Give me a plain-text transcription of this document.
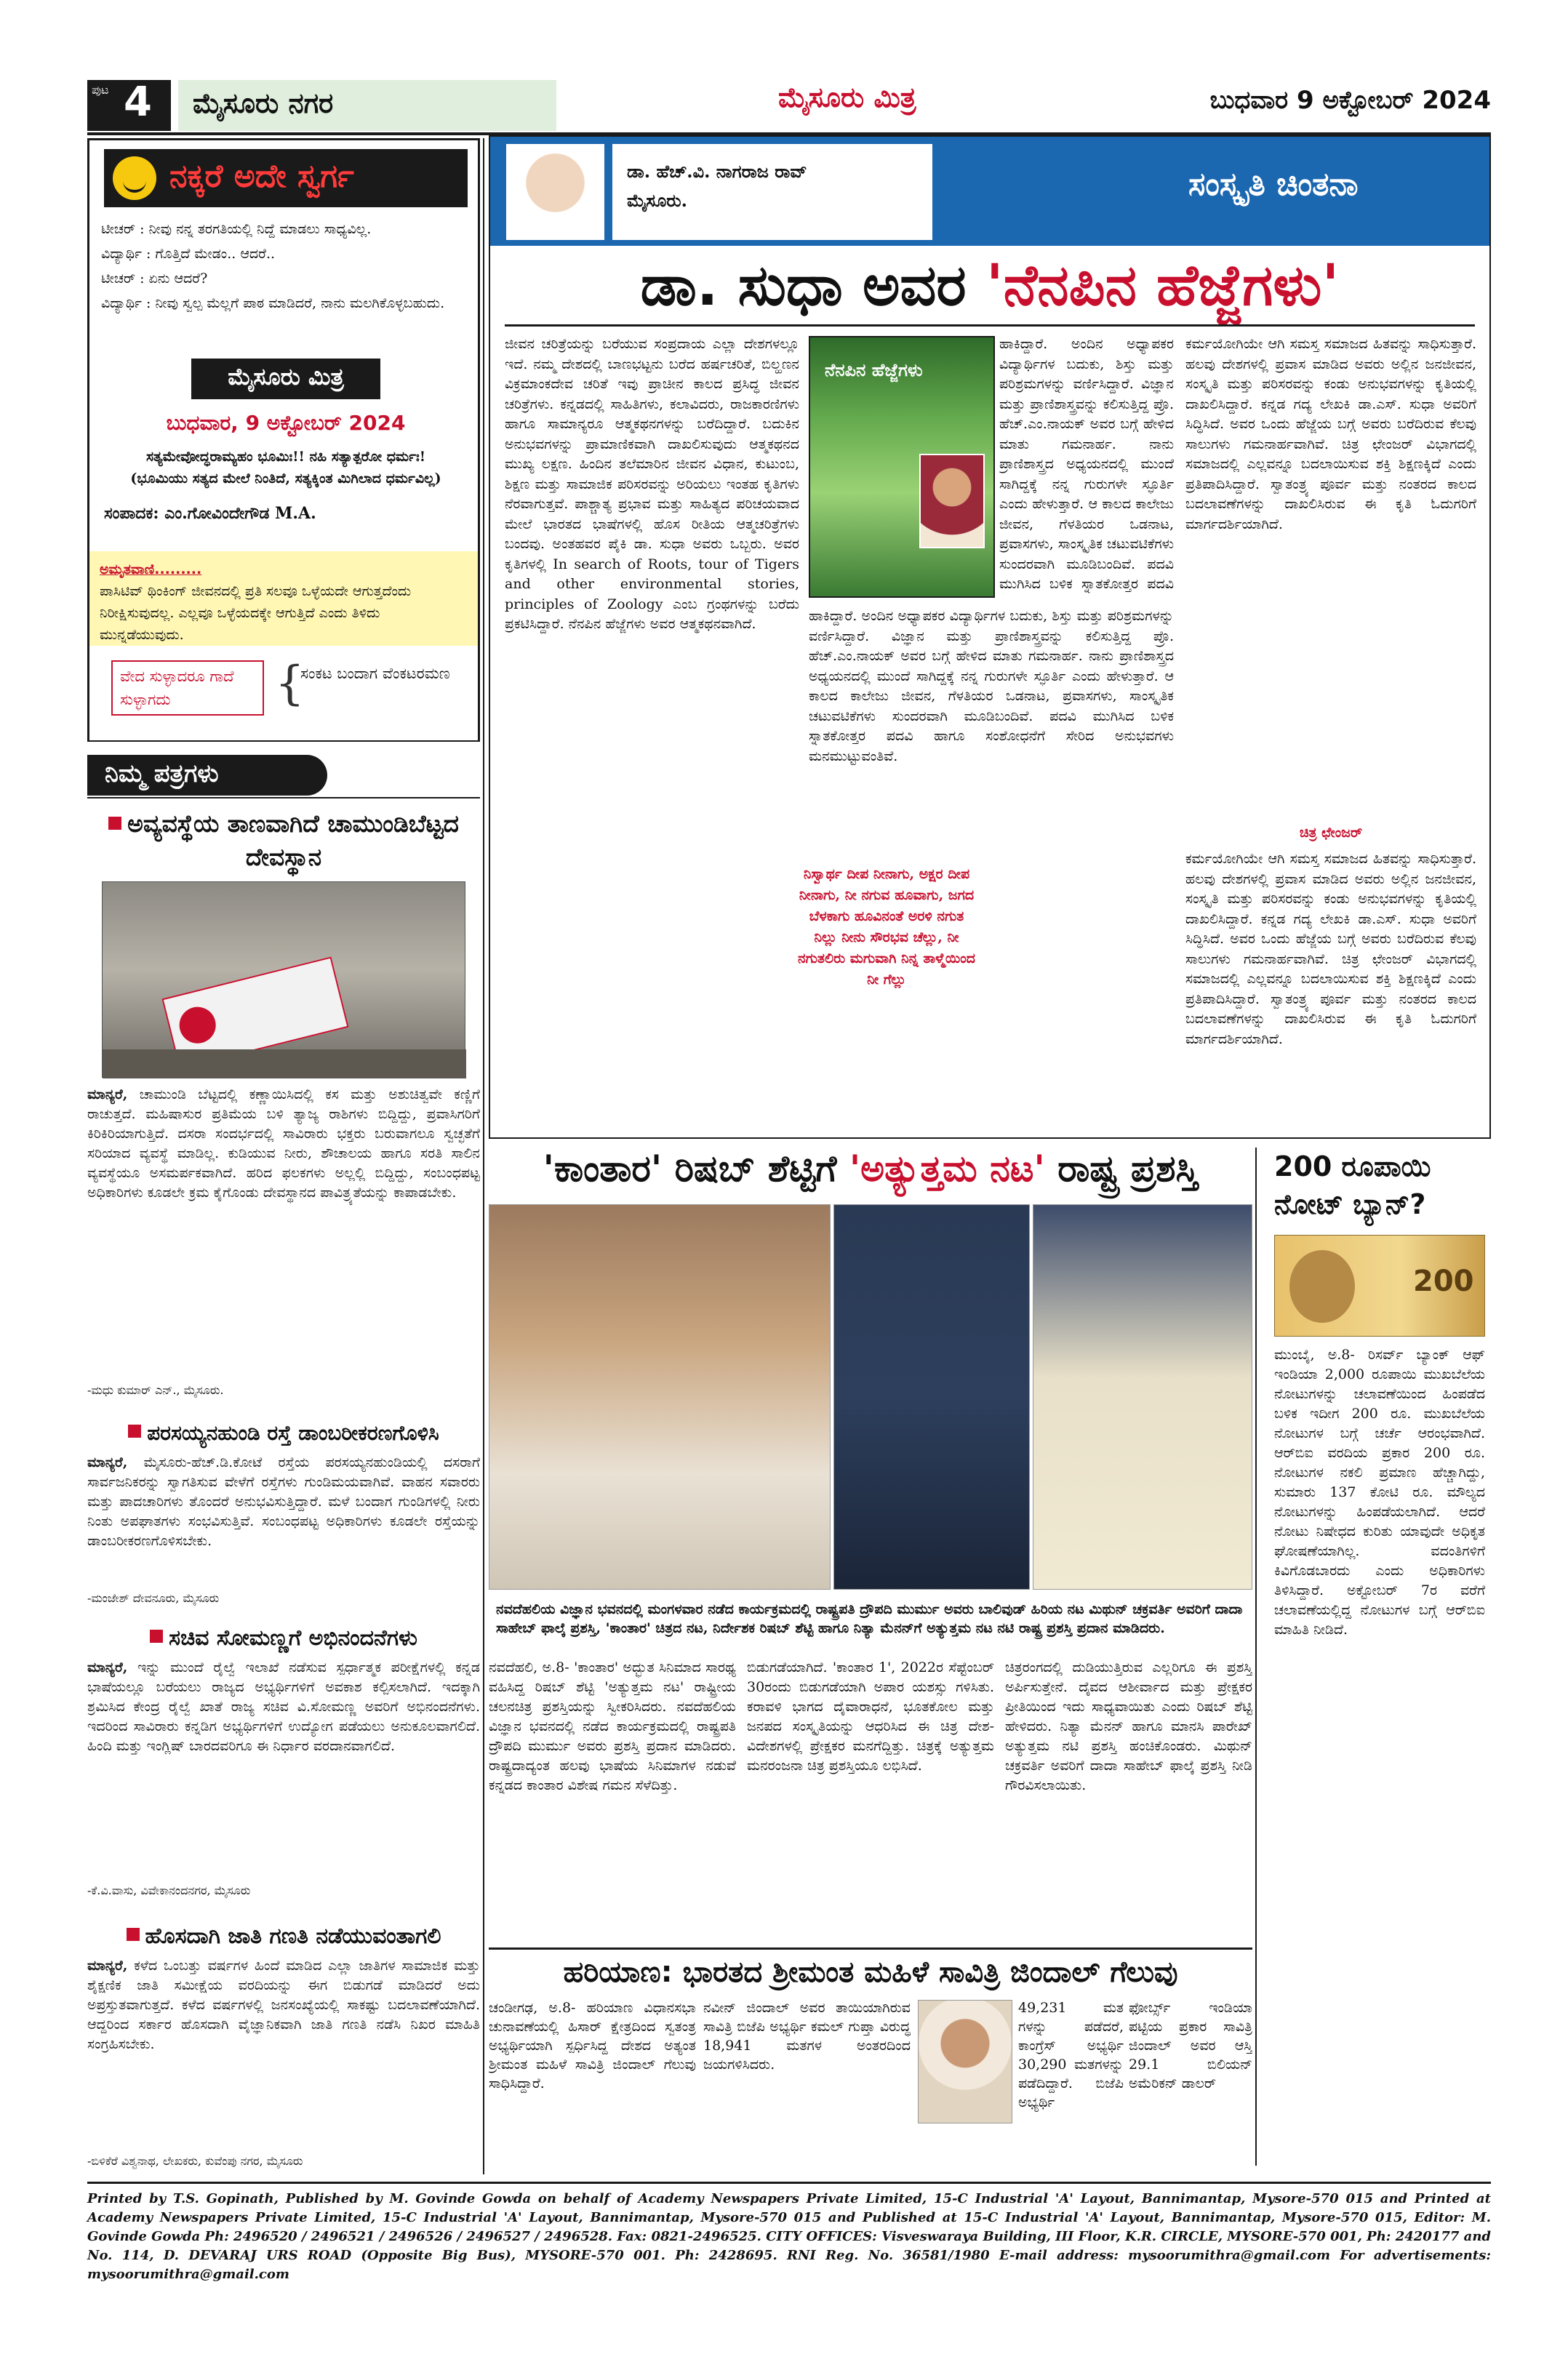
ಪುಟ 4	ಮೈಸೂರು ನಗರ	ಮೈಸೂರು ಮಿತ್ರ	ಬುಧವಾರ 9 ಅಕ್ಟೋಬರ್ 2024
ನಕ್ಕರೆ ಅದೇ ಸ್ವರ್ಗ
ಟೀಚರ್ : ನೀವು ನನ್ನ ತರಗತಿಯಲ್ಲಿ ನಿದ್ದೆ ಮಾಡಲು ಸಾಧ್ಯವಿಲ್ಲ.
ವಿದ್ಯಾರ್ಥಿ : ಗೊತ್ತಿದೆ ಮೇಡಂ.. ಆದರೆ..
ಟೀಚರ್ : ಏನು ಆದರೆ?
ವಿದ್ಯಾರ್ಥಿ : ನೀವು ಸ್ವಲ್ಪ ಮೆಲ್ಲಗೆ ಪಾಠ ಮಾಡಿದರೆ, ನಾನು ಮಲಗಿಕೊಳ್ಳಬಹುದು.
ಮೈಸೂರು ಮಿತ್ರ
ಬುಧವಾರ, 9 ಅಕ್ಟೋಬರ್ 2024
ಸತ್ಯಮೇವೋದ್ಧರಾಮ್ಯಹಂ ಭೂಮಿಃ!! ನಹಿ ಸತ್ಯಾತ್ಪರೋ ಧರ್ಮಃ!
(ಭೂಮಿಯು ಸತ್ಯದ ಮೇಲೆ ನಿಂತಿದೆ, ಸತ್ಯಕ್ಕಿಂತ ಮಿಗಿಲಾದ ಧರ್ಮವಿಲ್ಲ)
ಸಂಪಾದಕ: ಎಂ.ಗೋವಿಂದೇಗೌಡ M.A.
ಅಮೃತವಾಣಿ.........
ಪಾಸಿಟಿವ್ ಥಿಂಕಿಂಗ್ ಜೀವನದಲ್ಲಿ ಪ್ರತಿ ಸಲವೂ ಒಳ್ಳೆಯದೇ ಆಗುತ್ತದೆಂದು ನಿರೀಕ್ಷಿಸುವುದಲ್ಲ. ಎಲ್ಲವೂ ಒಳ್ಳೆಯದಕ್ಕೇ ಆಗುತ್ತಿದೆ ಎಂದು ತಿಳಿದು ಮುನ್ನಡೆಯುವುದು.
ವೇದ ಸುಳ್ಳಾದರೂ ಗಾದೆ ಸುಳ್ಳಾಗದು	{
ಸಂಕಟ ಬಂದಾಗ ವೆಂಕಟರಮಣ
ನಿಮ್ಮ ಪತ್ರಗಳು
ಅವ್ಯವಸ್ಥೆಯ ತಾಣವಾಗಿದೆ ಚಾಮುಂಡಿಬೆಟ್ಟದ ದೇವಸ್ಥಾನ
ಮಾನ್ಯರೆ, ಚಾಮುಂಡಿ ಬೆಟ್ಟದಲ್ಲಿ ಕಣ್ಣಾಯಿಸಿದಲ್ಲಿ ಕಸ ಮತ್ತು ಅಶುಚಿತ್ವವೇ ಕಣ್ಣಿಗೆ ರಾಚುತ್ತದೆ. ಮಹಿಷಾಸುರ ಪ್ರತಿಮೆಯ ಬಳಿ ತ್ಯಾಜ್ಯ ರಾಶಿಗಳು ಬಿದ್ದಿದ್ದು, ಪ್ರವಾಸಿಗರಿಗೆ ಕಿರಿಕಿರಿಯಾಗುತ್ತಿದೆ. ದಸರಾ ಸಂದರ್ಭದಲ್ಲಿ ಸಾವಿರಾರು ಭಕ್ತರು ಬರುವಾಗಲೂ ಸ್ವಚ್ಛತೆಗೆ ಸರಿಯಾದ ವ್ಯವಸ್ಥೆ ಮಾಡಿಲ್ಲ. ಕುಡಿಯುವ ನೀರು, ಶೌಚಾಲಯ ಹಾಗೂ ಸರತಿ ಸಾಲಿನ ವ್ಯವಸ್ಥೆಯೂ ಅಸಮರ್ಪಕವಾಗಿದೆ. ಹರಿದ ಫಲಕಗಳು ಅಲ್ಲಲ್ಲಿ ಬಿದ್ದಿದ್ದು, ಸಂಬಂಧಪಟ್ಟ ಅಧಿಕಾರಿಗಳು ಕೂಡಲೇ ಕ್ರಮ ಕೈಗೊಂಡು ದೇವಸ್ಥಾನದ ಪಾವಿತ್ರ್ಯತೆಯನ್ನು ಕಾಪಾಡಬೇಕು.
-ಮಧು ಕುಮಾರ್ ಎನ್., ಮೈಸೂರು.
ಪರಸಯ್ಯನಹುಂಡಿ ರಸ್ತೆ ಡಾಂಬರೀಕರಣಗೊಳಿಸಿ
ಮಾನ್ಯರೆ, ಮೈಸೂರು-ಹೆಚ್.ಡಿ.ಕೋಟೆ ರಸ್ತೆಯ ಪರಸಯ್ಯನಹುಂಡಿಯಲ್ಲಿ ದಸರಾಗೆ ಸಾರ್ವಜನಿಕರನ್ನು ಸ್ವಾಗತಿಸುವ ವೇಳೆಗೆ ರಸ್ತೆಗಳು ಗುಂಡಿಮಯವಾಗಿವೆ. ವಾಹನ ಸವಾರರು ಮತ್ತು ಪಾದಚಾರಿಗಳು ತೊಂದರೆ ಅನುಭವಿಸುತ್ತಿದ್ದಾರೆ. ಮಳೆ ಬಂದಾಗ ಗುಂಡಿಗಳಲ್ಲಿ ನೀರು ನಿಂತು ಅಪಘಾತಗಳು ಸಂಭವಿಸುತ್ತಿವೆ. ಸಂಬಂಧಪಟ್ಟ ಅಧಿಕಾರಿಗಳು ಕೂಡಲೇ ರಸ್ತೆಯನ್ನು ಡಾಂಬರೀಕರಣಗೊಳಿಸಬೇಕು.
-ಮಂಜೇಶ್ ದೇವನೂರು, ಮೈಸೂರು
ಸಚಿವ ಸೋಮಣ್ಣಗೆ ಅಭಿನಂದನೆಗಳು
ಮಾನ್ಯರೆ, ಇನ್ನು ಮುಂದೆ ರೈಲ್ವೆ ಇಲಾಖೆ ನಡೆಸುವ ಸ್ಪರ್ಧಾತ್ಮಕ ಪರೀಕ್ಷೆಗಳಲ್ಲಿ ಕನ್ನಡ ಭಾಷೆಯಲ್ಲೂ ಬರೆಯಲು ರಾಜ್ಯದ ಅಭ್ಯರ್ಥಿಗಳಿಗೆ ಅವಕಾಶ ಕಲ್ಪಿಸಲಾಗಿದೆ. ಇದಕ್ಕಾಗಿ ಶ್ರಮಿಸಿದ ಕೇಂದ್ರ ರೈಲ್ವೆ ಖಾತೆ ರಾಜ್ಯ ಸಚಿವ ವಿ.ಸೋಮಣ್ಣ ಅವರಿಗೆ ಅಭಿನಂದನೆಗಳು. ಇದರಿಂದ ಸಾವಿರಾರು ಕನ್ನಡಿಗ ಅಭ್ಯರ್ಥಿಗಳಿಗೆ ಉದ್ಯೋಗ ಪಡೆಯಲು ಅನುಕೂಲವಾಗಲಿದೆ. ಹಿಂದಿ ಮತ್ತು ಇಂಗ್ಲಿಷ್ ಬಾರದವರಿಗೂ ಈ ನಿರ್ಧಾರ ವರದಾನವಾಗಲಿದೆ.
-ಕೆ.ವಿ.ವಾಸು, ವಿವೇಕಾನಂದನಗರ, ಮೈಸೂರು
ಹೊಸದಾಗಿ ಜಾತಿ ಗಣತಿ ನಡೆಯುವಂತಾಗಲಿ
ಮಾನ್ಯರೆ, ಕಳೆದ ಒಂಬತ್ತು ವರ್ಷಗಳ ಹಿಂದೆ ಮಾಡಿದ ಎಲ್ಲಾ ಜಾತಿಗಳ ಸಾಮಾಜಿಕ ಮತ್ತು ಶೈಕ್ಷಣಿಕ ಜಾತಿ ಸಮೀಕ್ಷೆಯ ವರದಿಯನ್ನು ಈಗ ಬಿಡುಗಡೆ ಮಾಡಿದರೆ ಅದು ಅಪ್ರಸ್ತುತವಾಗುತ್ತದೆ. ಕಳೆದ ವರ್ಷಗಳಲ್ಲಿ ಜನಸಂಖ್ಯೆಯಲ್ಲಿ ಸಾಕಷ್ಟು ಬದಲಾವಣೆಯಾಗಿದೆ. ಆದ್ದರಿಂದ ಸರ್ಕಾರ ಹೊಸದಾಗಿ ವೈಜ್ಞಾನಿಕವಾಗಿ ಜಾತಿ ಗಣತಿ ನಡೆಸಿ ನಿಖರ ಮಾಹಿತಿ ಸಂಗ್ರಹಿಸಬೇಕು.
-ಬಿಳಿಕೆರೆ ವಿಶ್ವನಾಥ, ಲೇಖಕರು, ಕುವೆಂಪು ನಗರ, ಮೈಸೂರು
ಡಾ. ಹೆಚ್.ವಿ. ನಾಗರಾಜ ರಾವ್
ಮೈಸೂರು.	ಸಂಸ್ಕೃತಿ ಚಿಂತನಾ
ಡಾ. ಸುಧಾ ಅವರ 'ನೆನಪಿನ ಹೆಜ್ಜೆಗಳು'
ಜೀವನ ಚರಿತ್ರೆಯನ್ನು ಬರೆಯುವ ಸಂಪ್ರದಾಯ ಎಲ್ಲಾ ದೇಶಗಳಲ್ಲೂ ಇದೆ. ನಮ್ಮ ದೇಶದಲ್ಲಿ ಬಾಣಭಟ್ಟನು ಬರೆದ ಹರ್ಷಚರಿತೆ, ಬಿಲ್ಹಣನ ವಿಕ್ರಮಾಂಕದೇವ ಚರಿತೆ ಇವು ಪ್ರಾಚೀನ ಕಾಲದ ಪ್ರಸಿದ್ಧ ಜೀವನ ಚರಿತ್ರೆಗಳು. ಕನ್ನಡದಲ್ಲಿ ಸಾಹಿತಿಗಳು, ಕಲಾವಿದರು, ರಾಜಕಾರಣಿಗಳು ಹಾಗೂ ಸಾಮಾನ್ಯರೂ ಆತ್ಮಕಥನಗಳನ್ನು ಬರೆದಿದ್ದಾರೆ. ಬದುಕಿನ ಅನುಭವಗಳನ್ನು ಪ್ರಾಮಾಣಿಕವಾಗಿ ದಾಖಲಿಸುವುದು ಆತ್ಮಕಥನದ ಮುಖ್ಯ ಲಕ್ಷಣ. ಹಿಂದಿನ ತಲೆಮಾರಿನ ಜೀವನ ವಿಧಾನ, ಕುಟುಂಬ, ಶಿಕ್ಷಣ ಮತ್ತು ಸಾಮಾಜಿಕ ಪರಿಸರವನ್ನು ಅರಿಯಲು ಇಂತಹ ಕೃತಿಗಳು ನೆರವಾಗುತ್ತವೆ. ಪಾಶ್ಚಾತ್ಯ ಪ್ರಭಾವ ಮತ್ತು ಸಾಹಿತ್ಯದ ಪರಿಚಯವಾದ ಮೇಲೆ ಭಾರತದ ಭಾಷೆಗಳಲ್ಲಿ ಹೊಸ ರೀತಿಯ ಆತ್ಮಚರಿತ್ರೆಗಳು ಬಂದವು. ಅಂತಹವರ ಪೈಕಿ ಡಾ. ಸುಧಾ ಅವರು ಒಬ್ಬರು. ಅವರ ಕೃತಿಗಳಲ್ಲಿ In search of Roots, tour of Tigers and other environmental stories, principles of Zoology ಎಂಬ ಗ್ರಂಥಗಳನ್ನು ಬರೆದು ಪ್ರಕಟಿಸಿದ್ದಾರೆ. ನೆನಪಿನ ಹೆಜ್ಜೆಗಳು ಅವರ ಆತ್ಮಕಥನವಾಗಿದೆ.
ನೆನಪಿನ ಹೆಜ್ಜೆಗಳು
ಹಾಕಿದ್ದಾರೆ. ಅಂದಿನ ಅಧ್ಯಾಪಕರ ವಿದ್ಯಾರ್ಥಿಗಳ ಬದುಕು, ಶಿಸ್ತು ಮತ್ತು ಪರಿಶ್ರಮಗಳನ್ನು ವರ್ಣಿಸಿದ್ದಾರೆ. ವಿಜ್ಞಾನ ಮತ್ತು ಪ್ರಾಣಿಶಾಸ್ತ್ರವನ್ನು ಕಲಿಸುತ್ತಿದ್ದ ಪ್ರೊ. ಹೆಚ್.ಎಂ.ನಾಯಕ್ ಅವರ ಬಗ್ಗೆ ಹೇಳಿದ ಮಾತು ಗಮನಾರ್ಹ. ನಾನು ಪ್ರಾಣಿಶಾಸ್ತ್ರದ ಅಧ್ಯಯನದಲ್ಲಿ ಮುಂದೆ ಸಾಗಿದ್ದಕ್ಕೆ ನನ್ನ ಗುರುಗಳೇ ಸ್ಫೂರ್ತಿ ಎಂದು ಹೇಳುತ್ತಾರೆ. ಆ ಕಾಲದ ಕಾಲೇಜು ಜೀವನ, ಗೆಳತಿಯರ ಒಡನಾಟ, ಪ್ರವಾಸಗಳು, ಸಾಂಸ್ಕೃತಿಕ ಚಟುವಟಿಕೆಗಳು ಸುಂದರವಾಗಿ ಮೂಡಿಬಂದಿವೆ. ಪದವಿ ಮುಗಿಸಿದ ಬಳಿಕ ಸ್ನಾತಕೋತ್ತರ ಪದವಿ
ಹಾಕಿದ್ದಾರೆ. ಅಂದಿನ ಅಧ್ಯಾಪಕರ ವಿದ್ಯಾರ್ಥಿಗಳ ಬದುಕು, ಶಿಸ್ತು ಮತ್ತು ಪರಿಶ್ರಮಗಳನ್ನು ವರ್ಣಿಸಿದ್ದಾರೆ. ವಿಜ್ಞಾನ ಮತ್ತು ಪ್ರಾಣಿಶಾಸ್ತ್ರವನ್ನು ಕಲಿಸುತ್ತಿದ್ದ ಪ್ರೊ. ಹೆಚ್.ಎಂ.ನಾಯಕ್ ಅವರ ಬಗ್ಗೆ ಹೇಳಿದ ಮಾತು ಗಮನಾರ್ಹ. ನಾನು ಪ್ರಾಣಿಶಾಸ್ತ್ರದ ಅಧ್ಯಯನದಲ್ಲಿ ಮುಂದೆ ಸಾಗಿದ್ದಕ್ಕೆ ನನ್ನ ಗುರುಗಳೇ ಸ್ಫೂರ್ತಿ ಎಂದು ಹೇಳುತ್ತಾರೆ. ಆ ಕಾಲದ ಕಾಲೇಜು ಜೀವನ, ಗೆಳತಿಯರ ಒಡನಾಟ, ಪ್ರವಾಸಗಳು, ಸಾಂಸ್ಕೃತಿಕ ಚಟುವಟಿಕೆಗಳು ಸುಂದರವಾಗಿ ಮೂಡಿಬಂದಿವೆ. ಪದವಿ ಮುಗಿಸಿದ ಬಳಿಕ ಸ್ನಾತಕೋತ್ತರ ಪದವಿ ಹಾಗೂ ಸಂಶೋಧನೆಗೆ ಸೇರಿದ ಅನುಭವಗಳು ಮನಮುಟ್ಟುವಂತಿವೆ.
ನಿಸ್ವಾರ್ಥ ದೀಪ ನೀನಾಗು, ಅಕ್ಷರ ದೀಪ ನೀನಾಗು, ನೀ ನಗುವ ಹೂವಾಗು, ಜಗದ ಬೆಳಕಾಗು ಹೂವಿನಂತೆ ಅರಳಿ ನಗುತ ನಿಲ್ಲು ನೀನು ಸೌರಭವ ಚೆಲ್ಲು, ನೀ ನಗುತಲಿರು ಮಗುವಾಗಿ ನಿನ್ನ ತಾಳ್ಮೆಯಿಂದ ನೀ ಗೆಲ್ಲು
ಕರ್ಮಯೋಗಿಯೇ ಆಗಿ ಸಮಸ್ತ ಸಮಾಜದ ಹಿತವನ್ನು ಸಾಧಿಸುತ್ತಾರೆ. ಹಲವು ದೇಶಗಳಲ್ಲಿ ಪ್ರವಾಸ ಮಾಡಿದ ಅವರು ಅಲ್ಲಿನ ಜನಜೀವನ, ಸಂಸ್ಕೃತಿ ಮತ್ತು ಪರಿಸರವನ್ನು ಕಂಡು ಅನುಭವಗಳನ್ನು ಕೃತಿಯಲ್ಲಿ ದಾಖಲಿಸಿದ್ದಾರೆ. ಕನ್ನಡ ಗದ್ಯ ಲೇಖಕಿ ಡಾ.ಎಸ್. ಸುಧಾ ಅವರಿಗೆ ಸಿದ್ಧಿಸಿದೆ. ಅವರ ಒಂದು ಹೆಜ್ಜೆಯ ಬಗ್ಗೆ ಅವರು ಬರೆದಿರುವ ಕೆಲವು ಸಾಲುಗಳು ಗಮನಾರ್ಹವಾಗಿವೆ. ಚಿತ್ರ ಛೇಂಜರ್ ವಿಭಾಗದಲ್ಲಿ ಸಮಾಜದಲ್ಲಿ ಎಲ್ಲವನ್ನೂ ಬದಲಾಯಿಸುವ ಶಕ್ತಿ ಶಿಕ್ಷಣಕ್ಕಿದೆ ಎಂದು ಪ್ರತಿಪಾದಿಸಿದ್ದಾರೆ. ಸ್ವಾತಂತ್ರ್ಯ ಪೂರ್ವ ಮತ್ತು ನಂತರದ ಕಾಲದ ಬದಲಾವಣೆಗಳನ್ನು ದಾಖಲಿಸಿರುವ ಈ ಕೃತಿ ಓದುಗರಿಗೆ ಮಾರ್ಗದರ್ಶಿಯಾಗಿದೆ.
ಚಿತ್ರ ಛೇಂಜರ್
ಕರ್ಮಯೋಗಿಯೇ ಆಗಿ ಸಮಸ್ತ ಸಮಾಜದ ಹಿತವನ್ನು ಸಾಧಿಸುತ್ತಾರೆ. ಹಲವು ದೇಶಗಳಲ್ಲಿ ಪ್ರವಾಸ ಮಾಡಿದ ಅವರು ಅಲ್ಲಿನ ಜನಜೀವನ, ಸಂಸ್ಕೃತಿ ಮತ್ತು ಪರಿಸರವನ್ನು ಕಂಡು ಅನುಭವಗಳನ್ನು ಕೃತಿಯಲ್ಲಿ ದಾಖಲಿಸಿದ್ದಾರೆ. ಕನ್ನಡ ಗದ್ಯ ಲೇಖಕಿ ಡಾ.ಎಸ್. ಸುಧಾ ಅವರಿಗೆ ಸಿದ್ಧಿಸಿದೆ. ಅವರ ಒಂದು ಹೆಜ್ಜೆಯ ಬಗ್ಗೆ ಅವರು ಬರೆದಿರುವ ಕೆಲವು ಸಾಲುಗಳು ಗಮನಾರ್ಹವಾಗಿವೆ. ಚಿತ್ರ ಛೇಂಜರ್ ವಿಭಾಗದಲ್ಲಿ ಸಮಾಜದಲ್ಲಿ ಎಲ್ಲವನ್ನೂ ಬದಲಾಯಿಸುವ ಶಕ್ತಿ ಶಿಕ್ಷಣಕ್ಕಿದೆ ಎಂದು ಪ್ರತಿಪಾದಿಸಿದ್ದಾರೆ. ಸ್ವಾತಂತ್ರ್ಯ ಪೂರ್ವ ಮತ್ತು ನಂತರದ ಕಾಲದ ಬದಲಾವಣೆಗಳನ್ನು ದಾಖಲಿಸಿರುವ ಈ ಕೃತಿ ಓದುಗರಿಗೆ ಮಾರ್ಗದರ್ಶಿಯಾಗಿದೆ.
'ಕಾಂತಾರ' ರಿಷಬ್ ಶೆಟ್ಟಿಗೆ 'ಅತ್ಯುತ್ತಮ ನಟ' ರಾಷ್ಟ್ರ ಪ್ರಶಸ್ತಿ
ನವದೆಹಲಿಯ ವಿಜ್ಞಾನ ಭವನದಲ್ಲಿ ಮಂಗಳವಾರ ನಡೆದ ಕಾರ್ಯಕ್ರಮದಲ್ಲಿ ರಾಷ್ಟ್ರಪತಿ ದ್ರೌಪದಿ ಮುರ್ಮು ಅವರು ಬಾಲಿವುಡ್ ಹಿರಿಯ ನಟ ಮಿಥುನ್ ಚಕ್ರವರ್ತಿ ಅವರಿಗೆ ದಾದಾ ಸಾಹೇಬ್ ಫಾಲ್ಕೆ ಪ್ರಶಸ್ತಿ, 'ಕಾಂತಾರ' ಚಿತ್ರದ ನಟ, ನಿರ್ದೇಶಕ ರಿಷಬ್ ಶೆಟ್ಟಿ ಹಾಗೂ ನಿತ್ಯಾ ಮೆನನ್‌ಗೆ ಅತ್ಯುತ್ತಮ ನಟ ನಟಿ ರಾಷ್ಟ್ರ ಪ್ರಶಸ್ತಿ ಪ್ರದಾನ ಮಾಡಿದರು.
ನವದೆಹಲಿ, ಅ.8- 'ಕಾಂತಾರ' ಅದ್ಭುತ ಸಿನಿಮಾದ ಸಾರಥ್ಯ ವಹಿಸಿದ್ದ ರಿಷಬ್ ಶೆಟ್ಟಿ 'ಅತ್ಯುತ್ತಮ ನಟ' ರಾಷ್ಟ್ರೀಯ ಚಲನಚಿತ್ರ ಪ್ರಶಸ್ತಿಯನ್ನು ಸ್ವೀಕರಿಸಿದರು. ನವದೆಹಲಿಯ ವಿಜ್ಞಾನ ಭವನದಲ್ಲಿ ನಡೆದ ಕಾರ್ಯಕ್ರಮದಲ್ಲಿ ರಾಷ್ಟ್ರಪತಿ ದ್ರೌಪದಿ ಮುರ್ಮು ಅವರು ಪ್ರಶಸ್ತಿ ಪ್ರದಾನ ಮಾಡಿದರು. ರಾಷ್ಟ್ರದಾದ್ಯಂತ ಹಲವು ಭಾಷೆಯ ಸಿನಿಮಾಗಳ ನಡುವೆ ಕನ್ನಡದ ಕಾಂತಾರ ವಿಶೇಷ ಗಮನ ಸೆಳೆದಿತ್ತು.
ಬಿಡುಗಡೆಯಾಗಿದೆ. 'ಕಾಂತಾರ 1', 2022ರ ಸೆಪ್ಟೆಂಬರ್ 30ರಂದು ಬಿಡುಗಡೆಯಾಗಿ ಅಪಾರ ಯಶಸ್ಸು ಗಳಿಸಿತು. ಕರಾವಳಿ ಭಾಗದ ದೈವಾರಾಧನೆ, ಭೂತಕೋಲ ಮತ್ತು ಜನಪದ ಸಂಸ್ಕೃತಿಯನ್ನು ಆಧರಿಸಿದ ಈ ಚಿತ್ರ ದೇಶ-ವಿದೇಶಗಳಲ್ಲಿ ಪ್ರೇಕ್ಷಕರ ಮನಗೆದ್ದಿತ್ತು. ಚಿತ್ರಕ್ಕೆ ಅತ್ಯುತ್ತಮ ಮನರಂಜನಾ ಚಿತ್ರ ಪ್ರಶಸ್ತಿಯೂ ಲಭಿಸಿದೆ.
ಚಿತ್ರರಂಗದಲ್ಲಿ ದುಡಿಯುತ್ತಿರುವ ಎಲ್ಲರಿಗೂ ಈ ಪ್ರಶಸ್ತಿ ಅರ್ಪಿಸುತ್ತೇನೆ. ದೈವದ ಆಶೀರ್ವಾದ ಮತ್ತು ಪ್ರೇಕ್ಷಕರ ಪ್ರೀತಿಯಿಂದ ಇದು ಸಾಧ್ಯವಾಯಿತು ಎಂದು ರಿಷಬ್ ಶೆಟ್ಟಿ ಹೇಳಿದರು. ನಿತ್ಯಾ ಮೆನನ್ ಹಾಗೂ ಮಾನಸಿ ಪಾರೇಖ್ ಅತ್ಯುತ್ತಮ ನಟಿ ಪ್ರಶಸ್ತಿ ಹಂಚಿಕೊಂಡರು. ಮಿಥುನ್ ಚಕ್ರವರ್ತಿ ಅವರಿಗೆ ದಾದಾ ಸಾಹೇಬ್ ಫಾಲ್ಕೆ ಪ್ರಶಸ್ತಿ ನೀಡಿ ಗೌರವಿಸಲಾಯಿತು.
ಹರಿಯಾಣ: ಭಾರತದ ಶ್ರೀಮಂತ ಮಹಿಳೆ ಸಾವಿತ್ರಿ ಜಿಂದಾಲ್ ಗೆಲುವು
ಚಂಡೀಗಢ, ಅ.8- ಹರಿಯಾಣ ವಿಧಾನಸಭಾ ಚುನಾವಣೆಯಲ್ಲಿ ಹಿಸಾರ್ ಕ್ಷೇತ್ರದಿಂದ ಸ್ವತಂತ್ರ ಅಭ್ಯರ್ಥಿಯಾಗಿ ಸ್ಪರ್ಧಿಸಿದ್ದ ದೇಶದ ಅತ್ಯಂತ ಶ್ರೀಮಂತ ಮಹಿಳೆ ಸಾವಿತ್ರಿ ಜಿಂದಾಲ್ ಗೆಲುವು ಸಾಧಿಸಿದ್ದಾರೆ.
ನವೀನ್ ಜಿಂದಾಲ್ ಅವರ ತಾಯಿಯಾಗಿರುವ ಸಾವಿತ್ರಿ ಬಿಜೆಪಿ ಅಭ್ಯರ್ಥಿ ಕಮಲ್ ಗುಪ್ತಾ ವಿರುದ್ಧ 18,941 ಮತಗಳ ಅಂತರದಿಂದ ಜಯಗಳಿಸಿದರು.
49,231 ಮತ ಗಳನ್ನು ಪಡೆದರೆ, ಕಾಂಗ್ರೆಸ್ ಅಭ್ಯರ್ಥಿ 30,290 ಮತಗಳನ್ನು ಪಡೆದಿದ್ದಾರೆ. ಬಿಜೆಪಿ ಅಭ್ಯರ್ಥಿ
ಫೋರ್ಬ್ಸ್ ಇಂಡಿಯಾ ಪಟ್ಟಿಯ ಪ್ರಕಾರ ಸಾವಿತ್ರಿ ಜಿಂದಾಲ್ ಅವರ ಆಸ್ತಿ 29.1 ಬಿಲಿಯನ್ ಅಮೆರಿಕನ್ ಡಾಲರ್
200 ರೂಪಾಯಿ ನೋಟ್ ಬ್ಯಾನ್?
200
ಮುಂಬೈ, ಅ.8- ರಿಸರ್ವ್ ಬ್ಯಾಂಕ್ ಆಫ್ ಇಂಡಿಯಾ 2,000 ರೂಪಾಯಿ ಮುಖಬೆಲೆಯ ನೋಟುಗಳನ್ನು ಚಲಾವಣೆಯಿಂದ ಹಿಂಪಡೆದ ಬಳಿಕ ಇದೀಗ 200 ರೂ. ಮುಖಬೆಲೆಯ ನೋಟುಗಳ ಬಗ್ಗೆ ಚರ್ಚೆ ಆರಂಭವಾಗಿದೆ. ಆರ್‌ಬಿಐ ವರದಿಯ ಪ್ರಕಾರ 200 ರೂ. ನೋಟುಗಳ ನಕಲಿ ಪ್ರಮಾಣ ಹೆಚ್ಚಾಗಿದ್ದು, ಸುಮಾರು 137 ಕೋಟಿ ರೂ. ಮೌಲ್ಯದ ನೋಟುಗಳನ್ನು ಹಿಂಪಡೆಯಲಾಗಿದೆ. ಆದರೆ ನೋಟು ನಿಷೇಧದ ಕುರಿತು ಯಾವುದೇ ಅಧಿಕೃತ ಘೋಷಣೆಯಾಗಿಲ್ಲ. ವದಂತಿಗಳಿಗೆ ಕಿವಿಗೊಡಬಾರದು ಎಂದು ಅಧಿಕಾರಿಗಳು ತಿಳಿಸಿದ್ದಾರೆ. ಅಕ್ಟೋಬರ್ 7ರ ವರೆಗೆ ಚಲಾವಣೆಯಲ್ಲಿದ್ದ ನೋಟುಗಳ ಬಗ್ಗೆ ಆರ್‌ಬಿಐ ಮಾಹಿತಿ ನೀಡಿದೆ.
Printed by T.S. Gopinath, Published by M. Govinde Gowda on behalf of Academy Newspapers Private Limited, 15-C Industrial 'A' Layout, Bannimantap, Mysore-570 015 and Printed at Academy Newspapers Private Limited, 15-C Industrial 'A' Layout, Bannimantap, Mysore-570 015 and Published at 15-C Industrial 'A' Layout, Bannimantap, Mysore-570 015, Editor: M. Govinde Gowda Ph: 2496520 / 2496521 / 2496526 / 2496527 / 2496528. Fax: 0821-2496525. CITY OFFICES: Visveswaraya Building, III Floor, K.R. CIRCLE, MYSORE-570 001, Ph: 2420177 and No. 114, D. DEVARAJ URS ROAD (Opposite Big Bus), MYSORE-570 001. Ph: 2428695. RNI Reg. No. 36581/1980 E-mail address: mysoorumithra@gmail.com For advertisements: mysoorumithra@gmail.com
